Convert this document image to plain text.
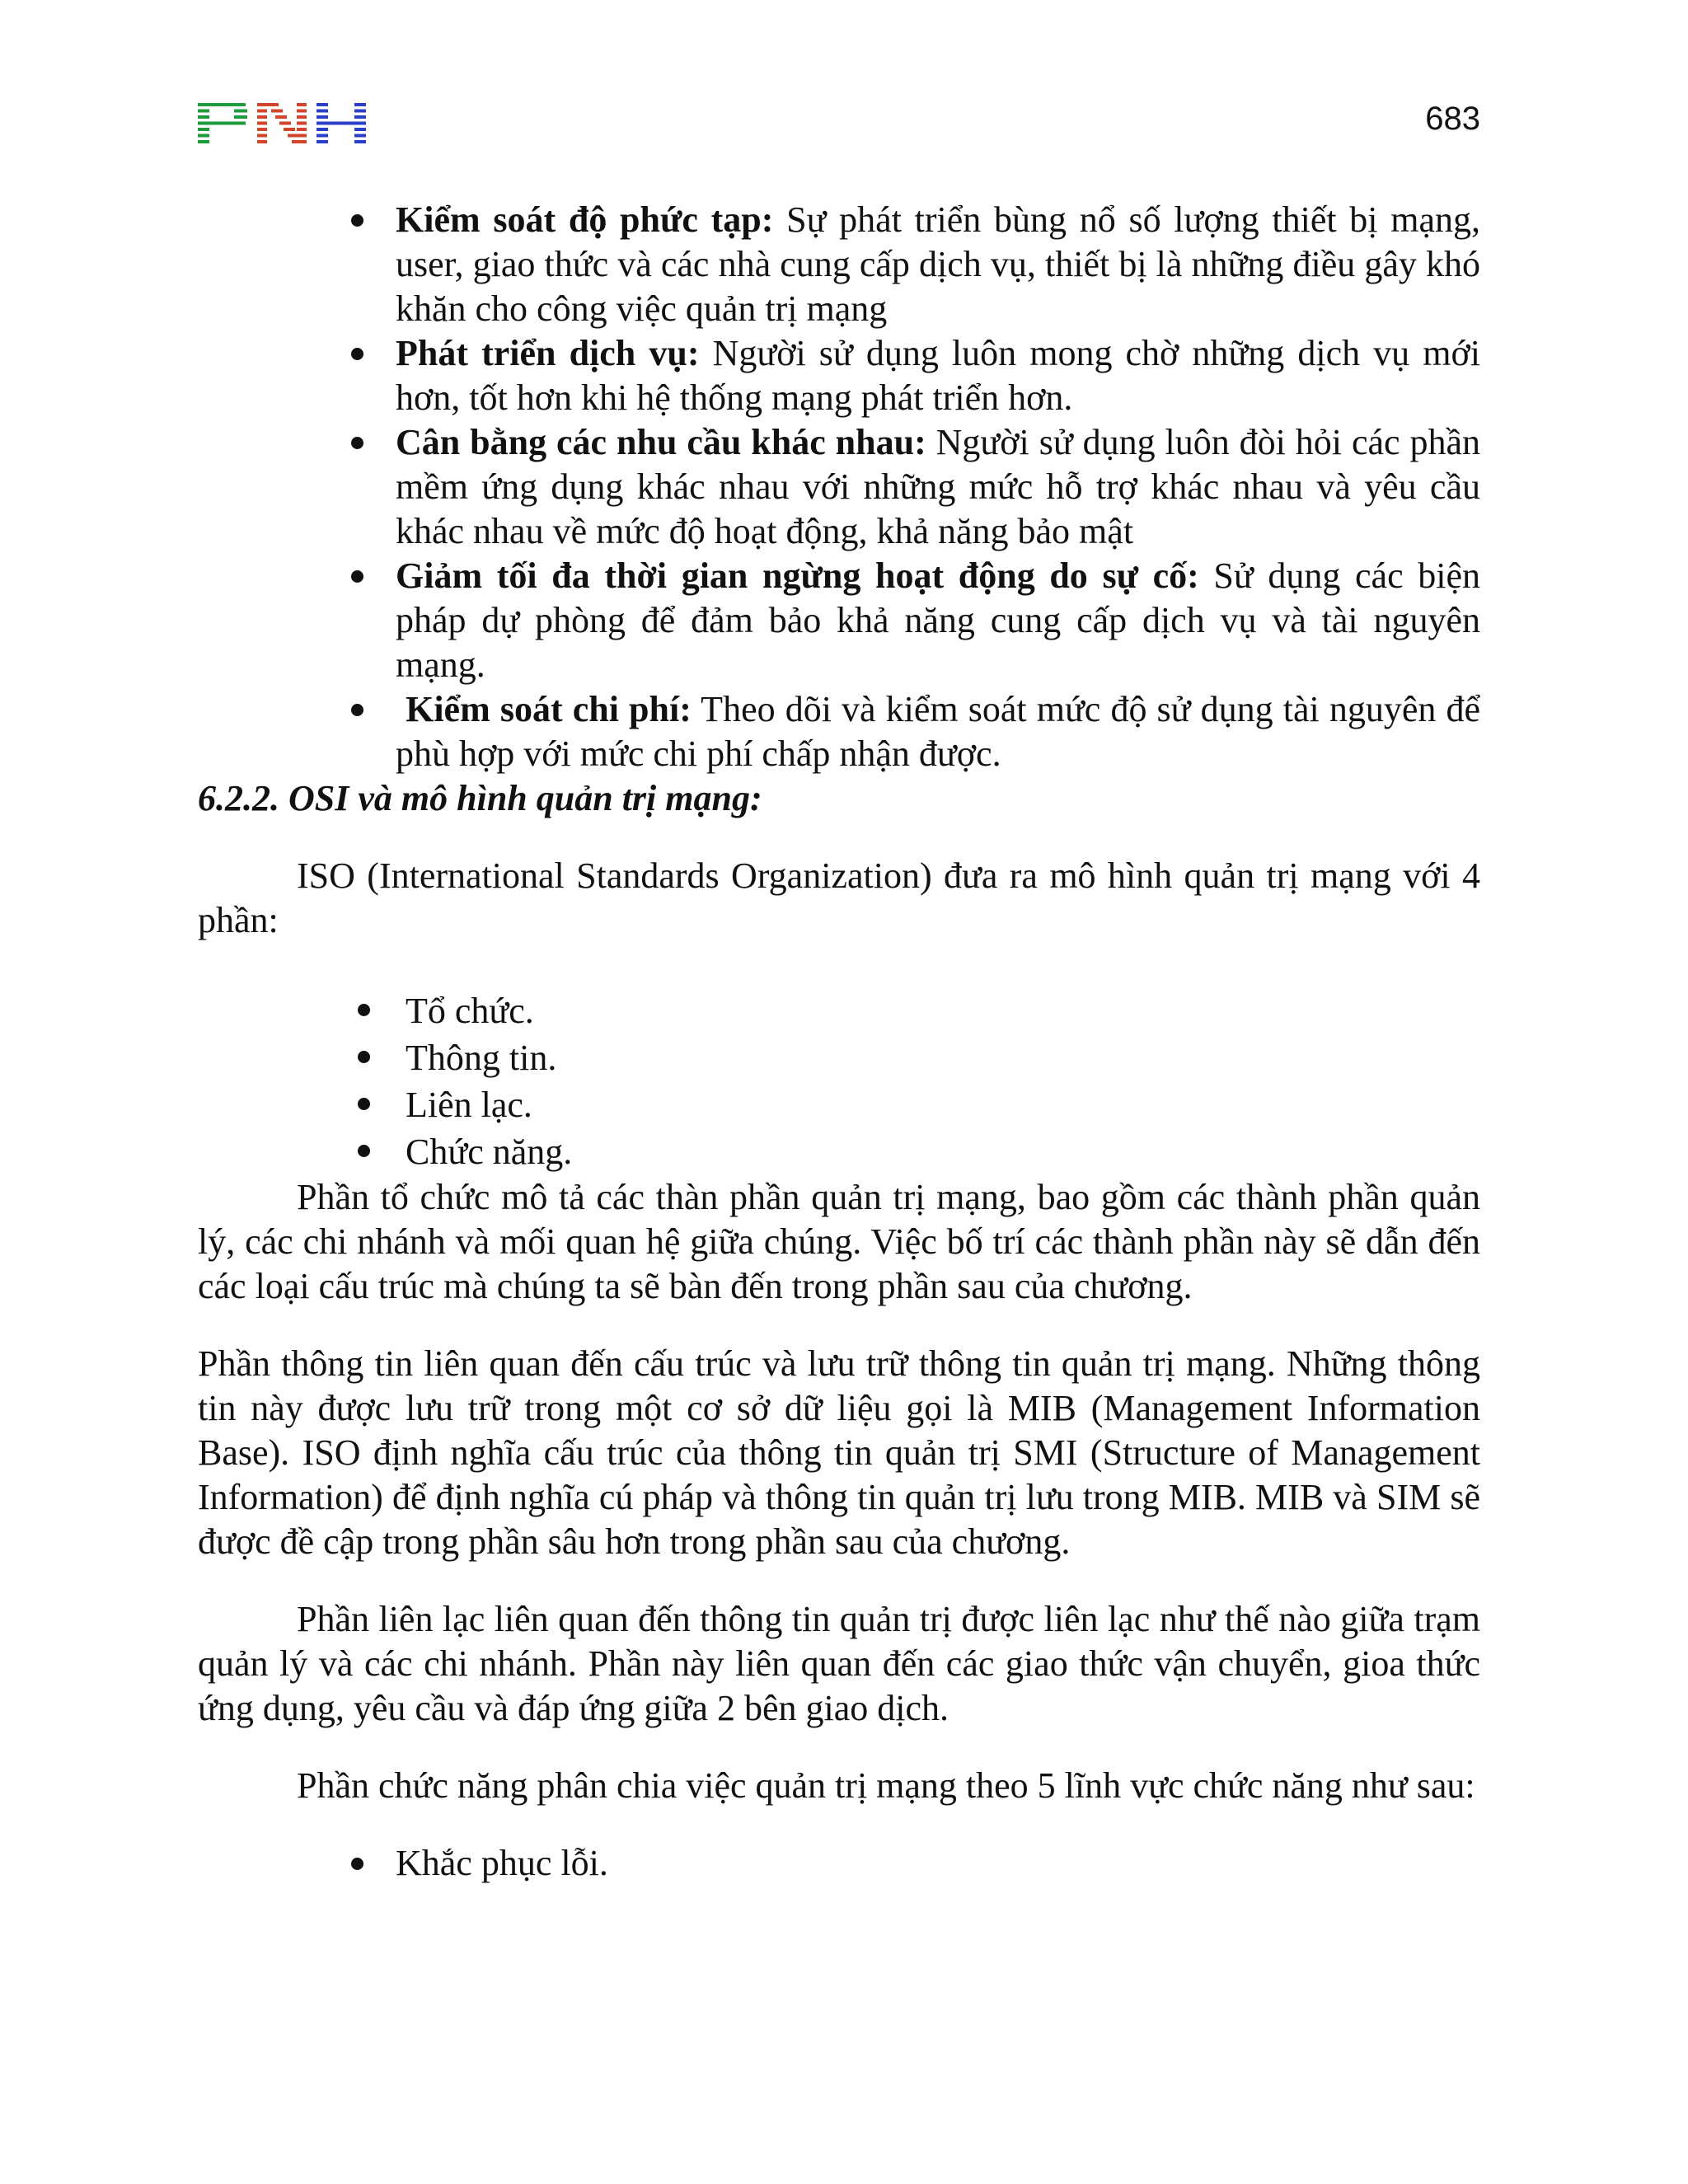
683
Kiểm soát độ phức tạp: Sự phát triển bùng nổ số lượng thiết bị mạng, user, giao thức và các nhà cung cấp dịch vụ, thiết bị là những điều gây khó khăn cho công việc quản trị mạng
Phát triển dịch vụ: Người sử dụng luôn mong chờ những dịch vụ mới hơn, tốt hơn khi hệ thống mạng phát triển hơn.
Cân bằng các nhu cầu khác nhau: Người sử dụng luôn đòi hỏi các phần mềm ứng dụng khác nhau với những mức hỗ trợ khác nhau và yêu cầu khác nhau về mức độ hoạt động, khả năng bảo mật
Giảm tối đa thời gian ngừng hoạt động do sự cố: Sử dụng các biện pháp dự phòng để đảm bảo khả năng cung cấp dịch vụ và tài nguyên mạng.
Kiểm soát chi phí: Theo dõi và kiểm soát mức độ sử dụng tài nguyên để phù hợp với mức chi phí chấp nhận được.

6.2.2. OSI và mô hình quản trị mạng:

ISO (International Standards Organization) đưa ra mô hình quản trị mạng với 4 phần:

Tổ chức.
Thông tin.
Liên lạc.
Chức năng.

Phần tổ chức mô tả các thàn phần quản trị mạng, bao gồm các thành phần quản lý, các chi nhánh và mối quan hệ giữa chúng. Việc bố trí các thành phần này sẽ dẫn đến các loại cấu trúc mà chúng ta sẽ bàn đến trong phần sau của chương.

Phần thông tin liên quan đến cấu trúc và lưu trữ thông tin quản trị mạng. Những thông tin này được lưu trữ trong một cơ sở dữ liệu gọi là MIB (Management Information Base). ISO định nghĩa cấu trúc của thông tin quản trị SMI (Structure of Management Information) để định nghĩa cú pháp và thông tin quản trị lưu trong MIB. MIB và SIM sẽ được đề cập trong phần sâu hơn trong phần sau của chương.

Phần liên lạc liên quan đến thông tin quản trị được liên lạc như thế nào giữa trạm quản lý và các chi nhánh. Phần này liên quan đến các giao thức vận chuyển, gioa thức ứng dụng, yêu cầu và đáp ứng giữa 2 bên giao dịch.

Phần chức năng phân chia việc quản trị mạng theo 5 lĩnh vực chức năng như sau:

Khắc phục lỗi.
